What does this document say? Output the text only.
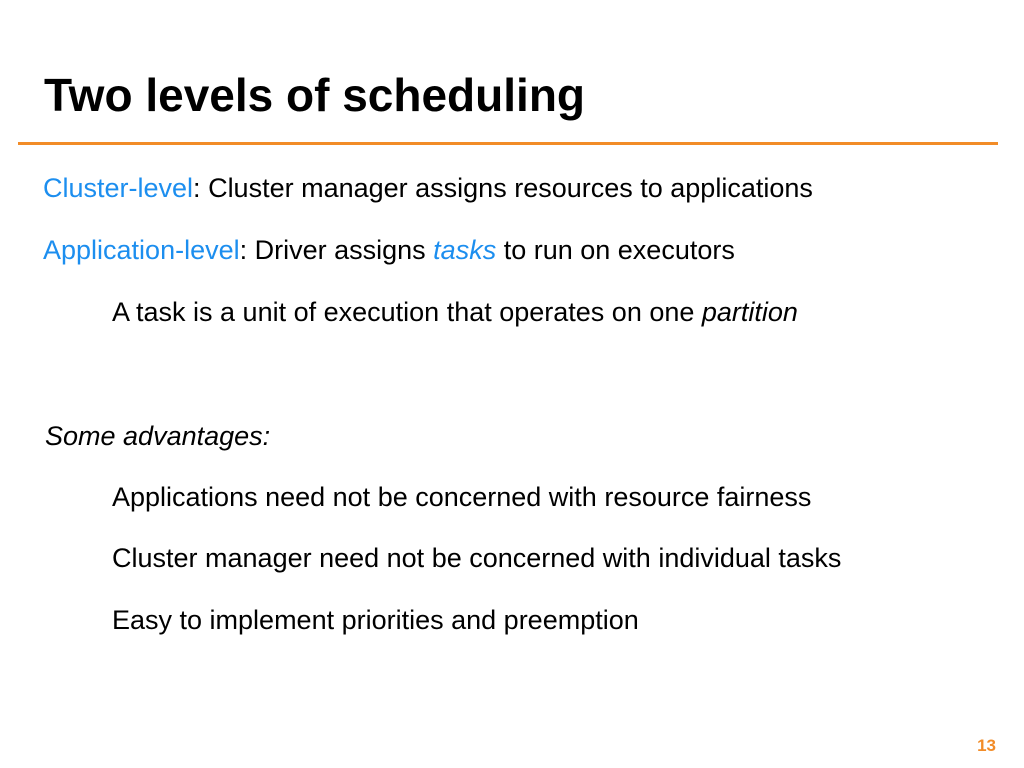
Two levels of scheduling
Cluster-level: Cluster manager assigns resources to applications
Application-level: Driver assigns tasks to run on executors
A task is a unit of execution that operates on one partition
Some advantages:
Applications need not be concerned with resource fairness
Cluster manager need not be concerned with individual tasks
Easy to implement priorities and preemption
13
